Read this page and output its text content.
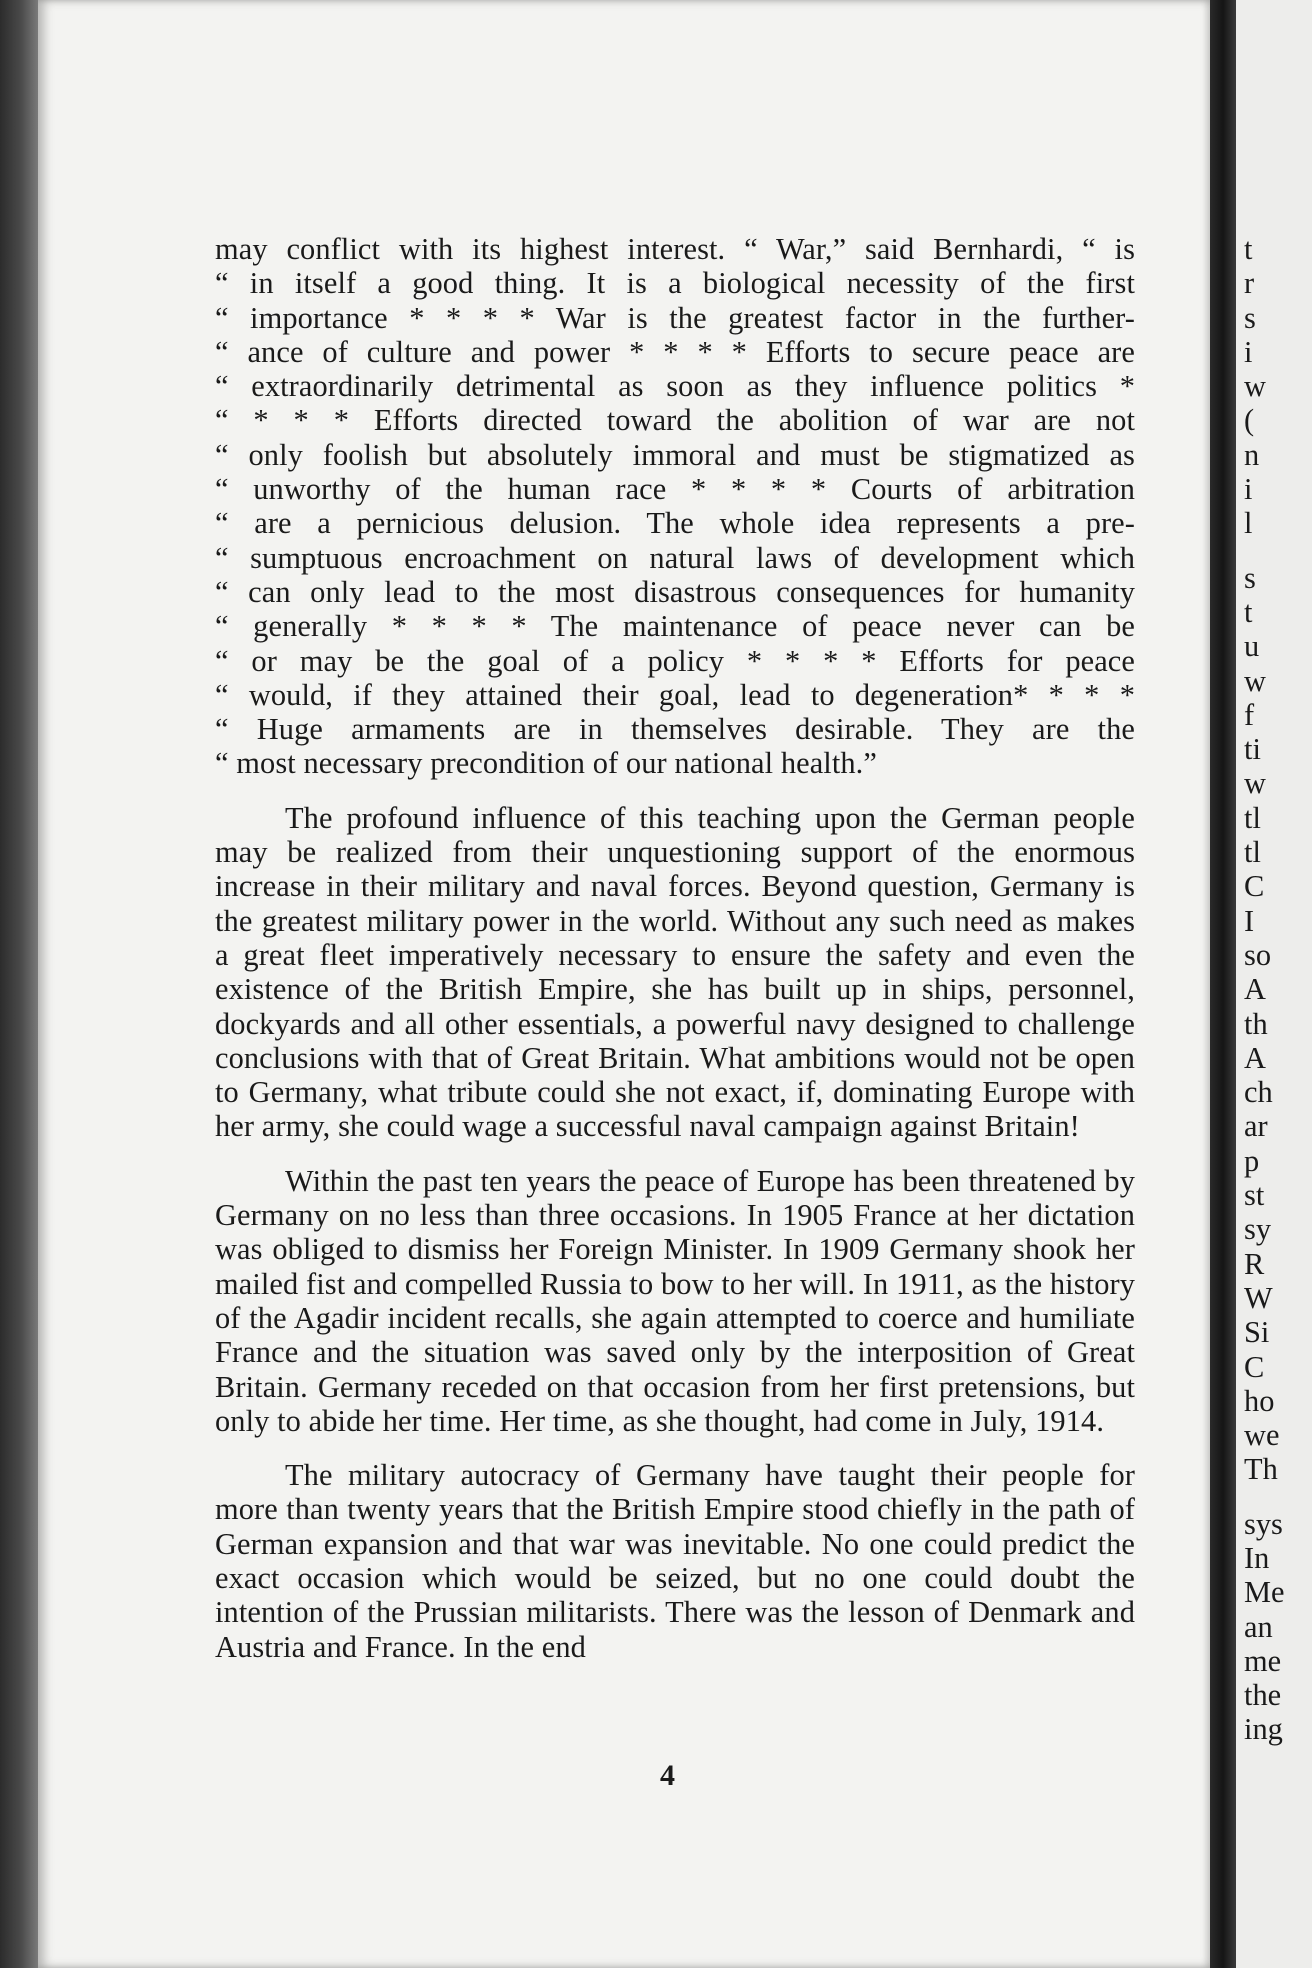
t
r
s
i
w
(
n
i
l
s
t
u
w
f
ti
w
tl
tl
C
I
so
A
th
A
ch
ar
p
st
sy
R
W
Si
C
ho
we
Th
sys
In
Me
an
me
the
ing
may conflict with its highest interest. “ War,” said Bernhardi, “ is
“ in itself a good thing. It is a biological necessity of the first
“ importance * * * * War is the greatest factor in the further-
“ ance of culture and power * * * * Efforts to secure peace are
“ extraordinarily detrimental as soon as they influence politics *
“ * * * Efforts directed toward the abolition of war are not
“ only foolish but absolutely immoral and must be stigmatized as
“ unworthy of the human race * * * * Courts of arbitration
“ are a pernicious delusion. The whole idea represents a pre-
“ sumptuous encroachment on natural laws of development which
“ can only lead to the most disastrous consequences for humanity
“ generally * * * * The maintenance of peace never can be
“ or may be the goal of a policy * * * * Efforts for peace
“ would, if they attained their goal, lead to degeneration* * * *
“ Huge armaments are in themselves desirable. They are the
“ most necessary precondition of our national health.”

The profound influence of this teaching upon the German people may be realized from their unquestioning support of the enormous increase in their military and naval forces. Beyond question, Germany is the greatest military power in the world. Without any such need as makes a great fleet imperatively necessary to ensure the safety and even the existence of the British Empire, she has built up in ships, personnel, dockyards and all other essentials, a powerful navy designed to challenge conclusions with that of Great Britain. What ambitions would not be open to Germany, what tribute could she not exact, if, dominating Europe with her army, she could wage a successful naval campaign against Britain!

Within the past ten years the peace of Europe has been threatened by Germany on no less than three occasions. In 1905 France at her dictation was obliged to dismiss her Foreign Minister. In 1909 Germany shook her mailed fist and compelled Russia to bow to her will. In 1911, as the history of the Agadir incident recalls, she again attempted to coerce and humiliate France and the situation was saved only by the interposition of Great Britain. Germany receded on that occasion from her first pretensions, but only to abide her time. Her time, as she thought, had come in July, 1914.

The military autocracy of Germany have taught their people for more than twenty years that the British Empire stood chiefly in the path of German expansion and that war was inevitable. No one could predict the exact occasion which would be seized, but no one could doubt the intention of the Prussian militarists. There was the lesson of Denmark and Austria and France. In the end

4
